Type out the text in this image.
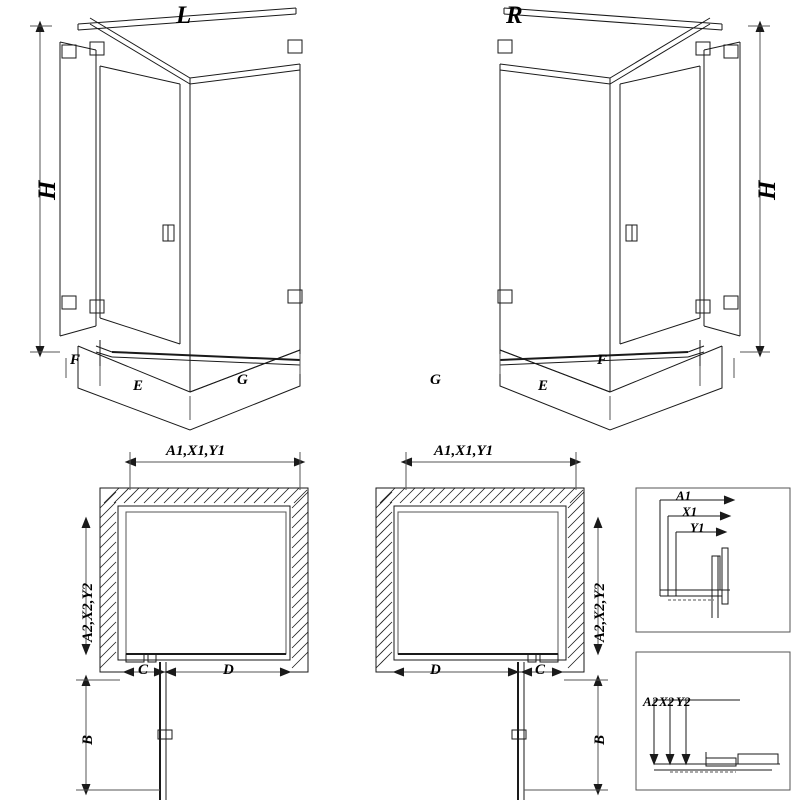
L	R
H	H
F
E	G	G	E
F
A1,X1,Y1
A2,X2,Y2
C	D
B
A1,X1,Y1
A2,X2,Y2
D	C
B
A1
X1
Y1
A2 X2 Y2
